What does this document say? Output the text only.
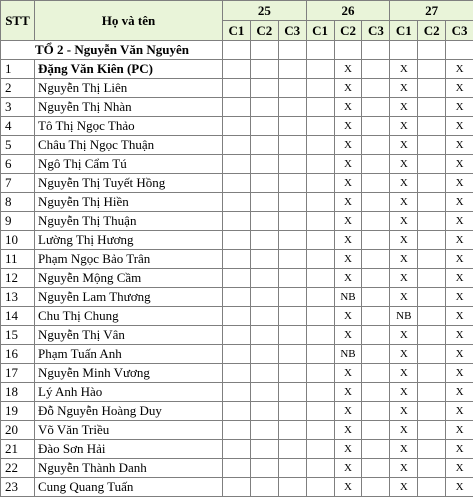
STT	Họ và tên	25			26			27		
		C1	C2	C3	C1	C2	C3	C1	C2	C3
TỔ 2 - Nguyễn Văn Nguyên										
1	Đặng Văn Kiên (PC)					X		X		X
2	Nguyễn Thị Liên					X		X		X
3	Nguyễn Thị Nhàn					X		X		X
4	Tô Thị Ngọc Thảo					X		X		X
5	Châu Thị Ngọc Thuận					X		X		X
6	Ngô Thị Cẩm Tú					X		X		X
7	Nguyễn Thị Tuyết Hồng					X		X		X
8	Nguyễn Thị Hiền					X		X		X
9	Nguyễn Thị Thuận					X		X		X
10	Lường Thị Hương					X		X		X
11	Phạm Ngọc Bảo Trân					X		X		X
12	Nguyễn Mộng Cầm					X		X		X
13	Nguyễn Lam Thương					NB		X		X
14	Chu Thị Chung					X		NB		X
15	Nguyễn Thị Vân					X		X		X
16	Phạm Tuấn Anh					NB		X		X
17	Nguyễn Minh Vương					X		X		X
18	Lý Anh Hào					X		X		X
19	Đỗ Nguyễn Hoàng Duy					X		X		X
20	Võ Văn Triều					X		X		X
21	Đào Sơn Hải					X		X		X
22	Nguyễn Thành Danh					X		X		X
23	Cung Quang Tuấn					X		X		X
